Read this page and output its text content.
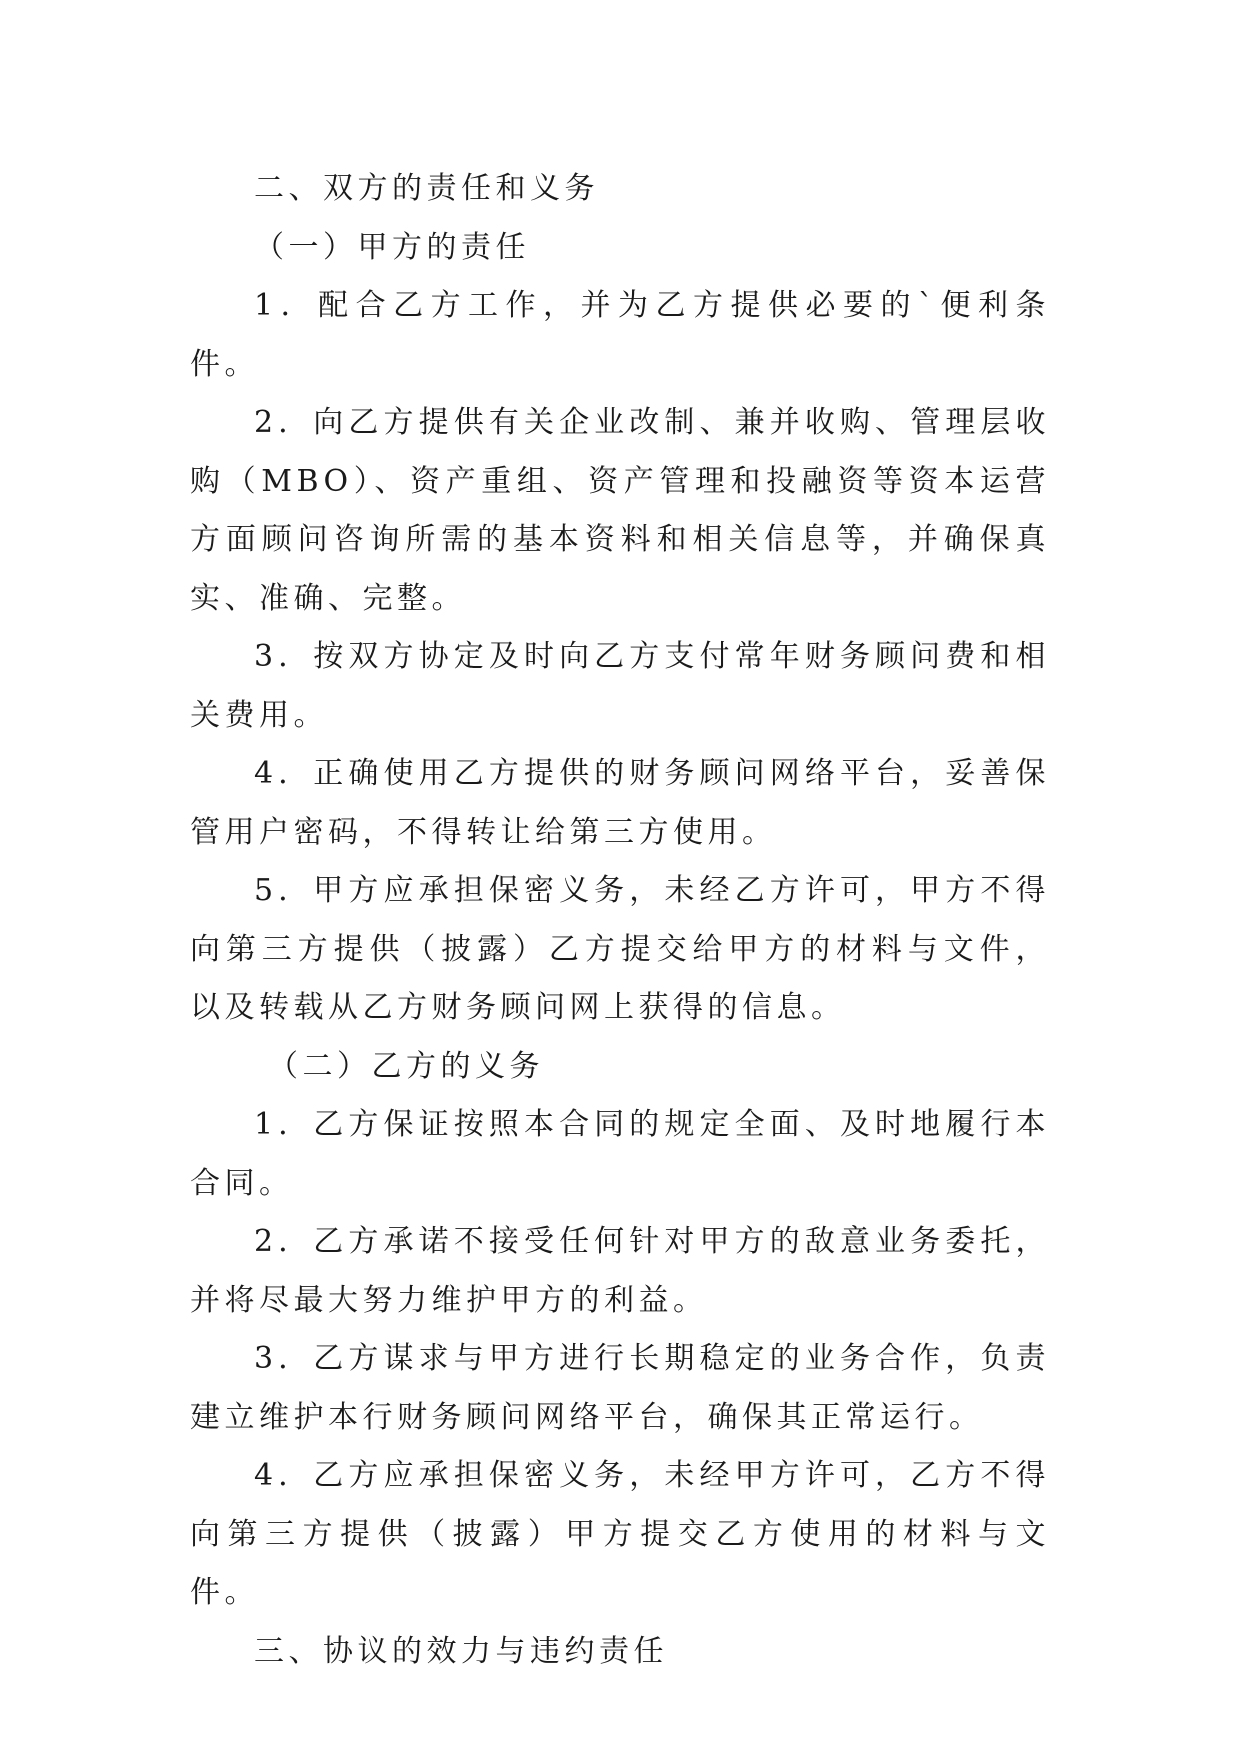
二、双方的责任和义务

（一）甲方的责任

1．配合乙方工作，并为乙方提供必要的`便利条件。

2．向乙方提供有关企业改制、兼并收购、管理层收购（MBO）、资产重组、资产管理和投融资等资本运营方面顾问咨询所需的基本资料和相关信息等，并确保真实、准确、完整。

3．按双方协定及时向乙方支付常年财务顾问费和相关费用。

4．正确使用乙方提供的财务顾问网络平台，妥善保管用户密码，不得转让给第三方使用。

5．甲方应承担保密义务，未经乙方许可，甲方不得向第三方提供（披露）乙方提交给甲方的材料与文件，以及转载从乙方财务顾问网上获得的信息。

（二）乙方的义务

1．乙方保证按照本合同的规定全面、及时地履行本合同。

2．乙方承诺不接受任何针对甲方的敌意业务委托，并将尽最大努力维护甲方的利益。

3．乙方谋求与甲方进行长期稳定的业务合作，负责建立维护本行财务顾问网络平台，确保其正常运行。

4．乙方应承担保密义务，未经甲方许可，乙方不得向第三方提供（披露）甲方提交乙方使用的材料与文件。

三、协议的效力与违约责任
